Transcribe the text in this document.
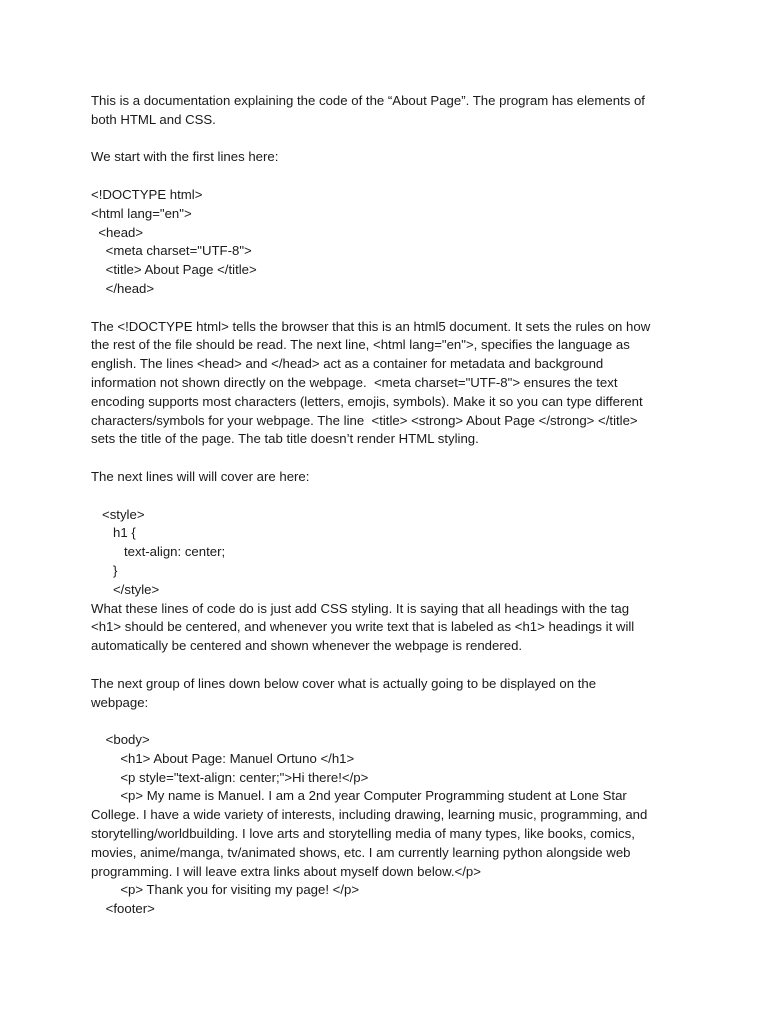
This is a documentation explaining the code of the “About Page”. The program has elements of

both HTML and CSS.

We start with the first lines here:

<!DOCTYPE html>

<html lang="en">

<head>

<meta charset="UTF-8">

<title> About Page </title>

</head>

The <!DOCTYPE html> tells the browser that this is an html5 document. It sets the rules on how

the rest of the file should be read. The next line, <html lang="en">, specifies the language as

english. The lines <head> and </head> act as a container for metadata and background

information not shown directly on the webpage.  <meta charset="UTF-8"> ensures the text

encoding supports most characters (letters, emojis, symbols). Make it so you can type different

characters/symbols for your webpage. The line  <title> <strong> About Page </strong> </title>

sets the title of the page. The tab title doesn’t render HTML styling.

The next lines will will cover are here:

<style>

h1 {

text-align: center;

}

</style>

What these lines of code do is just add CSS styling. It is saying that all headings with the tag

<h1> should be centered, and whenever you write text that is labeled as <h1> headings it will

automatically be centered and shown whenever the webpage is rendered.

The next group of lines down below cover what is actually going to be displayed on the

webpage:

<body>

<h1> About Page: Manuel Ortuno </h1>

<p style="text-align: center;">Hi there!</p>

<p> My name is Manuel. I am a 2nd year Computer Programming student at Lone Star

College. I have a wide variety of interests, including drawing, learning music, programming, and

storytelling/worldbuilding. I love arts and storytelling media of many types, like books, comics,

movies, anime/manga, tv/animated shows, etc. I am currently learning python alongside web

programming. I will leave extra links about myself down below.</p>

<p> Thank you for visiting my page! </p>

<footer>
